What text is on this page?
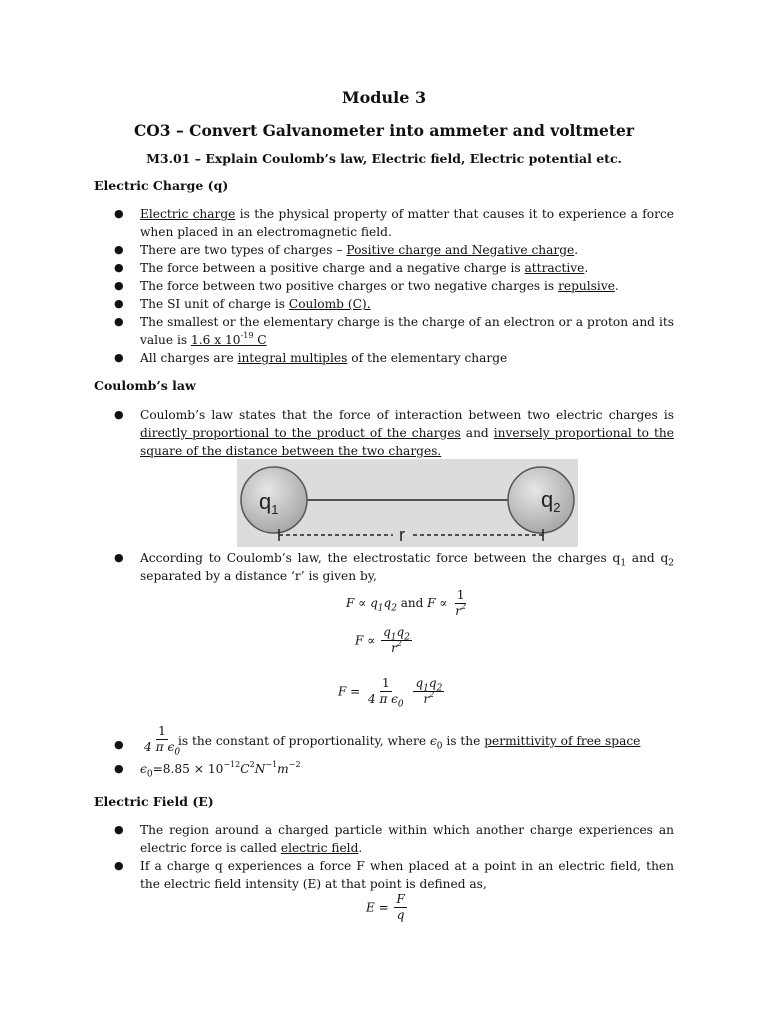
Module 3
CO3 – Convert Galvanometer into ammeter and voltmeter
M3.01 – Explain Coulomb’s law, Electric field, Electric potential etc.
Electric Charge (q)
● Electric charge is the physical property of matter that causes it to experience a force when placed in an electromagnetic field.
● There are two types of charges – Positive charge and Negative charge.
● The force between a positive charge and a negative charge is attractive.
● The force between two positive charges or two negative charges is repulsive.
● The SI unit of charge is Coulomb (C).
● The smallest or the elementary charge is the charge of an electron or a proton and its value is 1.6 x $10^{-19}$ C
● All charges are integral multiples of the elementary charge
Coulomb’s law
● Coulomb’s law states that the force of interaction between two electric charges is directly proportional to the product of the charges and inversely proportional to the square of the distance between the two charges.
$q_1$	$q_2$
r
● According to Coulomb’s law, the electrostatic force between the charges $q_1$ and $q_2$ separated by a distance ‘r’ is given by,
$F \propto q_1q_2$ and $F \propto \frac{1}{r^2}$
$F \propto \frac{q_1q_2}{r^2}$
$F = \frac{1}{4 \pi \epsilon_0}$
$\frac{q_1q_2}{r^2}$
● $\frac{1}{4 \pi \epsilon_0}$
is the constant of proportionality, where $\epsilon_0$ is the permittivity of free space
● $\epsilon_0=8.85 \times 10^{-12}C^2N^{-1}m^{-2}$
Electric Field (E)
● The region around a charged particle within which another charge experiences an electric force is called electric field.
● If a charge q experiences a force F when placed at a point in an electric field, then the electric field intensity (E) at that point is defined as,
$E = \frac{F}{q}$
